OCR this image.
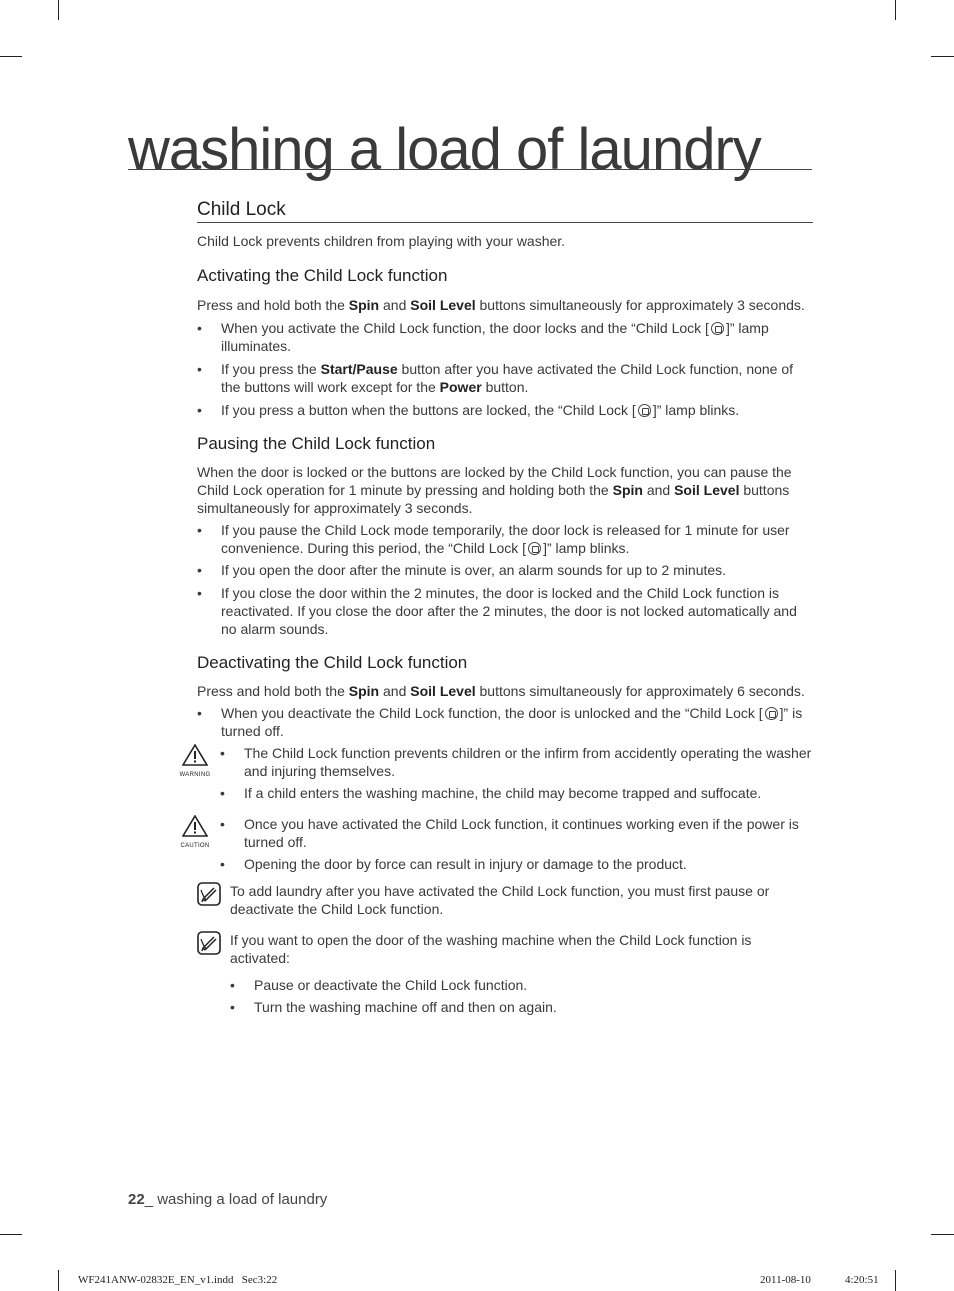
washing a load of laundry
Child Lock

Child Lock prevents children from playing with your washer.

Activating the Child Lock function

Press and hold both the Spin and Soil Level buttons simultaneously for approximately 3 seconds.

• When you activate the Child Lock function, the door locks and the “Child Lock [ ]” lamp illuminates.
• If you press the Start/Pause button after you have activated the Child Lock function, none of the buttons will work except for the Power button.
• If you press a button when the buttons are locked, the “Child Lock [ ]” lamp blinks.
Pausing the Child Lock function

When the door is locked or the buttons are locked by the Child Lock function, you can pause the Child Lock operation for 1 minute by pressing and holding both the Spin and Soil Level buttons simultaneously for approximately 3 seconds.

• If you pause the Child Lock mode temporarily, the door lock is released for 1 minute for user convenience. During this period, the “Child Lock [ ]” lamp blinks.
• If you open the door after the minute is over, an alarm sounds for up to 2 minutes.
• If you close the door within the 2 minutes, the door is locked and the Child Lock function is reactivated. If you close the door after the 2 minutes, the door is not locked automatically and no alarm sounds.
Deactivating the Child Lock function

Press and hold both the Spin and Soil Level buttons simultaneously for approximately 6 seconds.

• When you deactivate the Child Lock function, the door is unlocked and the “Child Lock [ ]” is turned off.
WARNING
• The Child Lock function prevents children or the infirm from accidently operating the washer and injuring themselves.
• If a child enters the washing machine, the child may become trapped and suffocate.
CAUTION
• Once you have activated the Child Lock function, it continues working even if the power is turned off.
• Opening the door by force can result in injury or damage to the product.

To add laundry after you have activated the Child Lock function, you must first pause or deactivate the Child Lock function.

If you want to open the door of the washing machine when the Child Lock function is activated:

• Pause or deactivate the Child Lock function.
• Turn the washing machine off and then on again.
22_ washing a load of laundry
WF241ANW-02832E_EN_v1.indd   Sec3:22	2011-08-10	4:20:51
